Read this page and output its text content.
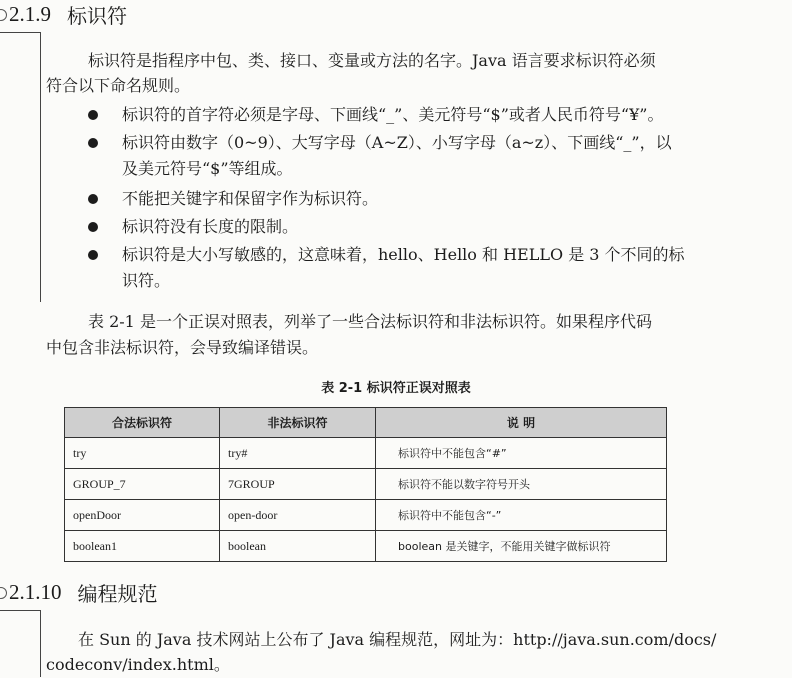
2.1.9 标识符

标识符是指程序中包、类、接口、变量或方法的名字。Java 语言要求标识符必须

符合以下命名规则。

标识符的首字符必须是字母、下画线“_”、美元符号“$”或者人民币符号“¥”。

标识符由数字（0~9）、大写字母（A~Z）、小写字母（a~z）、下画线“_”，以

及美元符号“$”等组成。

不能把关键字和保留字作为标识符。

标识符没有长度的限制。

标识符是大小写敏感的，这意味着，hello、Hello 和 HELLO 是 3 个不同的标

识符。

表 2-1 是一个正误对照表，列举了一些合法标识符和非法标识符。如果程序代码

中包含非法标识符，会导致编译错误。

表 2-1 标识符正误对照表
合法标识符	非法标识符	说 明
try	try#	标识符中不能包含“#”
GROUP_7	7GROUP	标识符不能以数字符号开头
openDoor	open-door	标识符中不能包含“-”
boolean1	boolean	boolean 是关键字，不能用关键字做标识符
2.1.10 编程规范

在 Sun 的 Java 技术网站上公布了 Java 编程规范，网址为：http://java.sun.com/docs/

codeconv/index.html。
